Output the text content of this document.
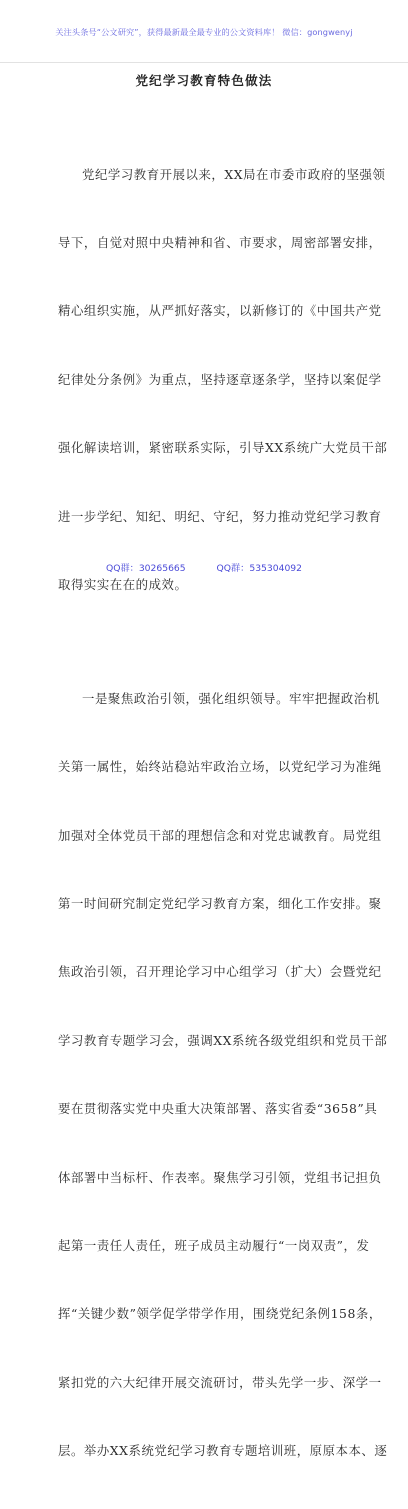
关注头条号“公文研究”，获得最新最全最专业的公文资料库！ 微信：gongwenyj
党纪学习教育特色做法

党纪学习教育开展以来，XX局在市委市政府的坚强领

导下，自觉对照中央精神和省、市要求，周密部署安排，

精心组织实施，从严抓好落实，以新修订的《中国共产党

纪律处分条例》为重点，坚持逐章逐条学，坚持以案促学

强化解读培训，紧密联系实际，引导XX系统广大党员干部

进一步学纪、知纪、明纪、守纪，努力推动党纪学习教育

取得实实在在的成效。

一是聚焦政治引领，强化组织领导。牢牢把握政治机

关第一属性，始终站稳站牢政治立场，以党纪学习为准绳

加强对全体党员干部的理想信念和对党忠诚教育。局党组

第一时间研究制定党纪学习教育方案，细化工作安排。聚

焦政治引领，召开理论学习中心组学习（扩大）会暨党纪

学习教育专题学习会，强调XX系统各级党组织和党员干部

要在贯彻落实党中央重大决策部署、落实省委“3658”具

体部署中当标杆、作表率。聚焦学习引领，党组书记担负

起第一责任人责任，班子成员主动履行“一岗双责”，发

挥“关键少数”领学促学带学作用，围绕党纪条例158条，

紧扣党的六大纪律开展交流研讨，带头先学一步、深学一

层。举办XX系统党纪学习教育专题培训班，原原本本、逐

QQ群：30265665	QQ群：535304092
